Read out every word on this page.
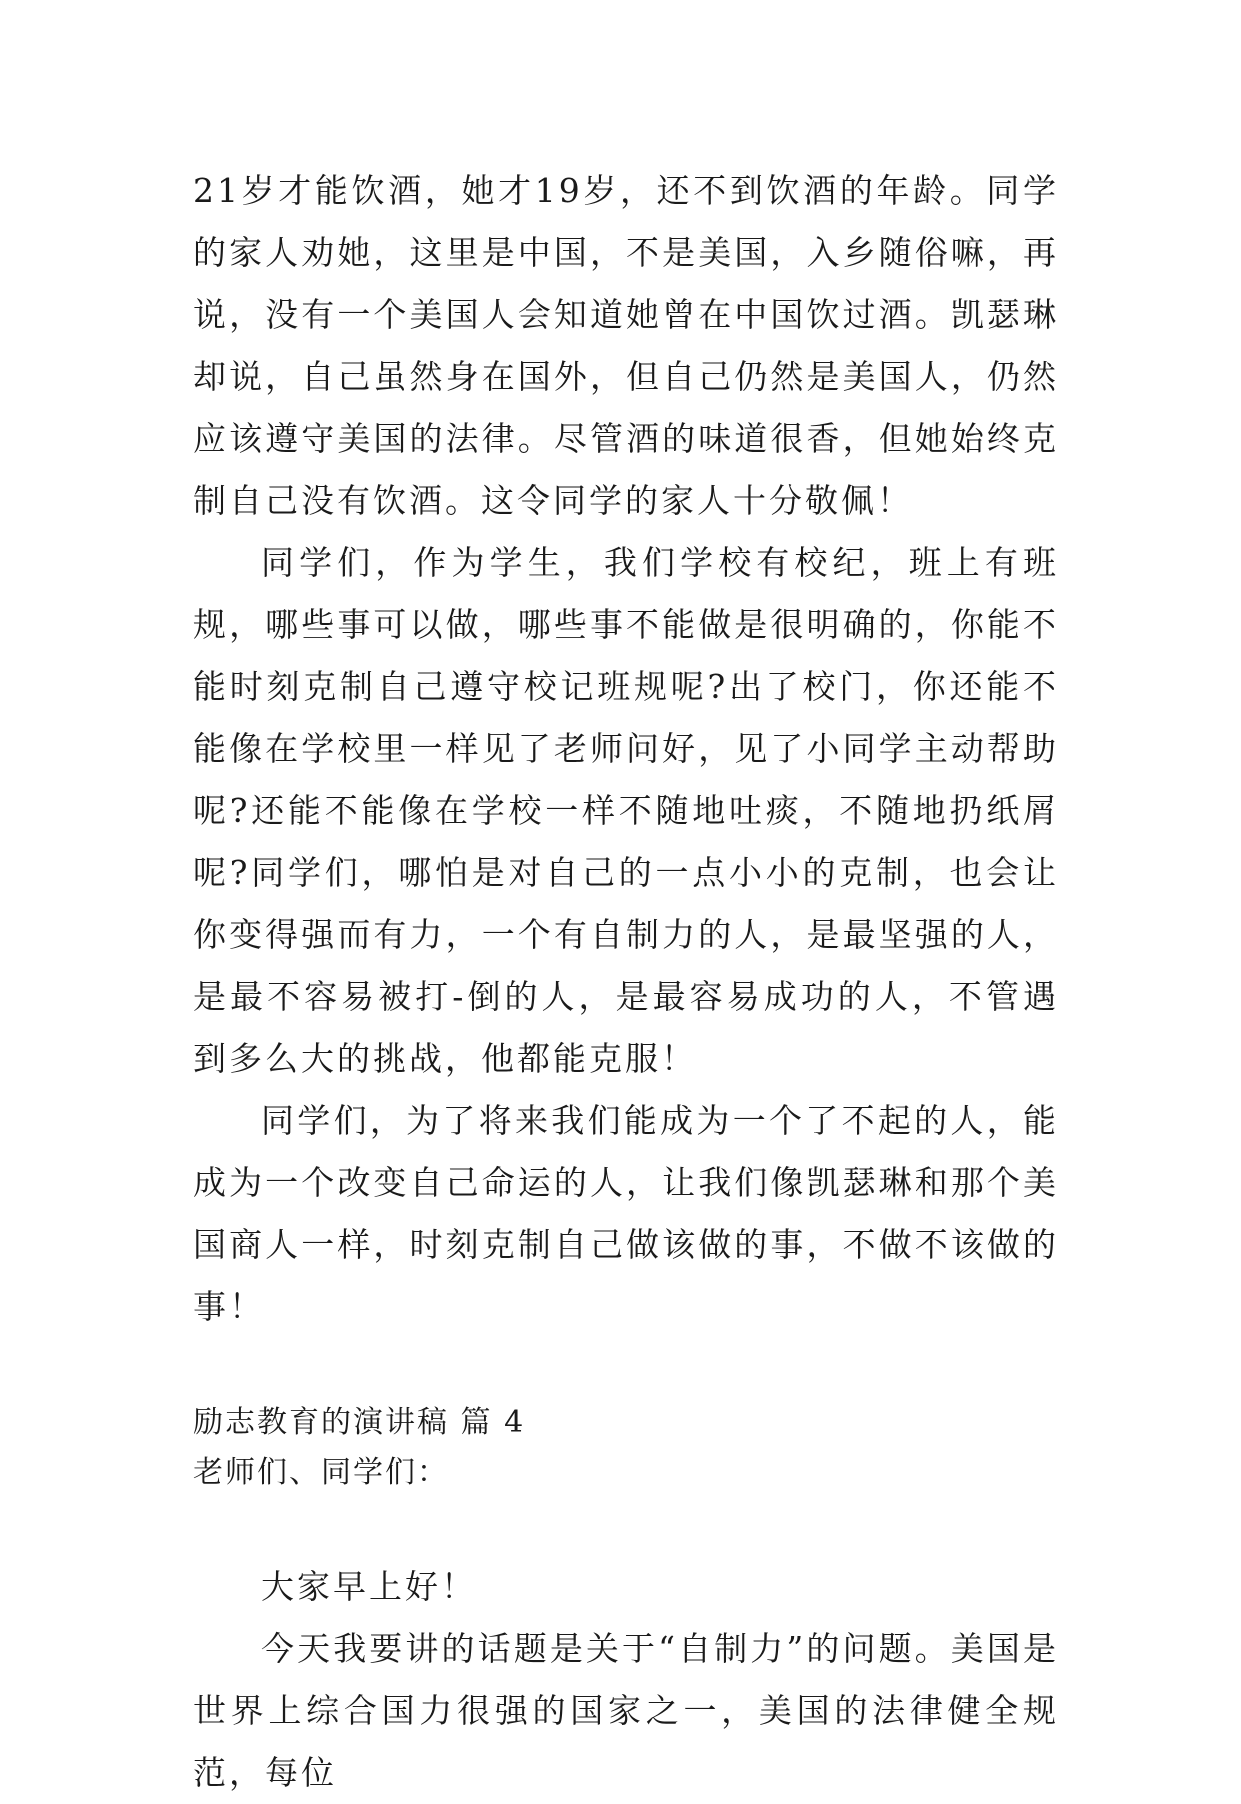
21岁才能饮酒，她才19岁，还不到饮酒的年龄。同学的家人劝她，这里是中国，不是美国，入乡随俗嘛，再说，没有一个美国人会知道她曾在中国饮过酒。凯瑟琳却说，自己虽然身在国外，但自己仍然是美国人，仍然应该遵守美国的法律。尽管酒的味道很香，但她始终克制自己没有饮酒。这令同学的家人十分敬佩！

同学们，作为学生，我们学校有校纪，班上有班规，哪些事可以做，哪些事不能做是很明确的，你能不能时刻克制自己遵守校记班规呢?出了校门，你还能不能像在学校里一样见了老师问好，见了小同学主动帮助呢?还能不能像在学校一样不随地吐痰，不随地扔纸屑呢?同学们，哪怕是对自己的一点小小的克制，也会让你变得强而有力，一个有自制力的人，是最坚强的人，是最不容易被打-倒的人，是最容易成功的人，不管遇到多么大的挑战，他都能克服！

同学们，为了将来我们能成为一个了不起的人，能成为一个改变自己命运的人，让我们像凯瑟琳和那个美国商人一样，时刻克制自己做该做的事，不做不该做的事！

励志教育的演讲稿 篇 4

老师们、同学们：

大家早上好！

今天我要讲的话题是关于“自制力”的问题。美国是世界上综合国力很强的国家之一，美国的法律健全规范，每位
